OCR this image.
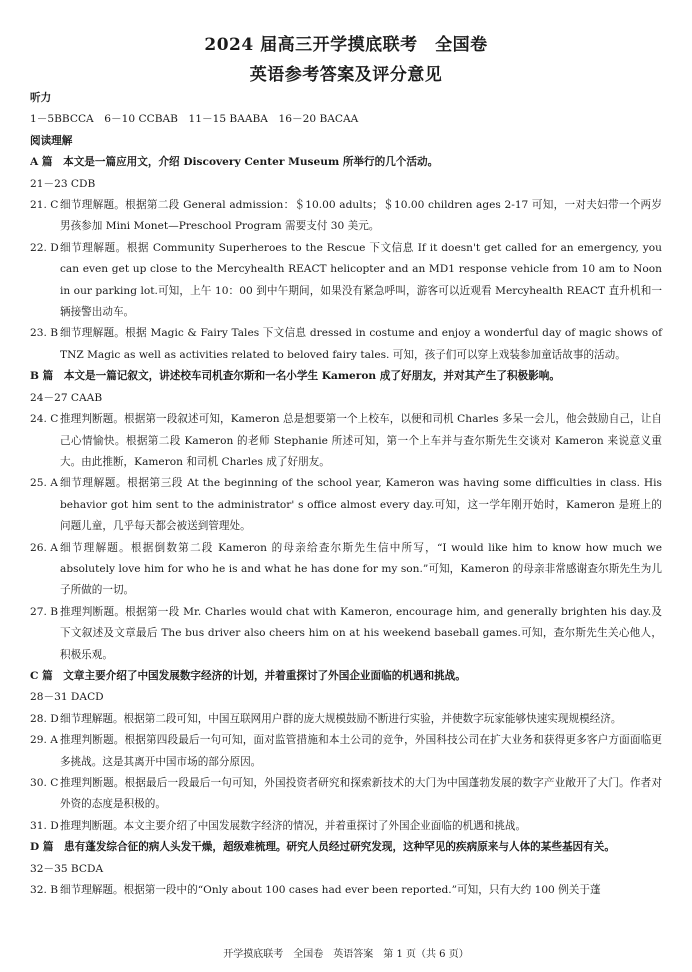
2024 届高三开学摸底联考　全国卷
英语参考答案及评分意见
听力
1－5BBCCA　6－10 CCBAB　11－15 BAABA　16－20 BACAA
阅读理解
A 篇　本文是一篇应用文，介绍 Discovery Center Museum 所举行的几个活动。
21－23 CDB
21. C 细节理解题。根据第二段 General admission：＄10.00 adults；＄10.00 children ages 2-17 可知，一对夫妇带一个两岁男孩参加 Mini Monet—Preschool Program 需要支付 30 美元。
22. D 细节理解题。根据 Community Superheroes to the Rescue 下文信息 If it doesn't get called for an emergency, you can even get up close to the Mercyhealth REACT helicopter and an MD1 response vehicle from 10 am to Noon in our parking lot.可知，上午 10：00 到中午期间，如果没有紧急呼叫，游客可以近观看 Mercyhealth REACT 直升机和一辆接警出动车。
23. B 细节理解题。根据 Magic & Fairy Tales 下文信息 dressed in costume and enjoy a wonderful day of magic shows of TNZ Magic as well as activities related to beloved fairy tales. 可知，孩子们可以穿上戏装参加童话故事的活动。
B 篇　本文是一篇记叙文，讲述校车司机查尔斯和一名小学生 Kameron 成了好朋友，并对其产生了积极影响。
24－27 CAAB
24. C 推理判断题。根据第一段叙述可知，Kameron 总是想要第一个上校车，以便和司机 Charles 多呆一会儿，他会鼓励自己，让自己心情愉快。根据第二段 Kameron 的老师 Stephanie 所述可知，第一个上车并与查尔斯先生交谈对 Kameron 来说意义重大。由此推断，Kameron 和司机 Charles 成了好朋友。
25. A 细节理解题。根据第三段 At the beginning of the school year, Kameron was having some difficulties in class. His behavior got him sent to the administrator' s office almost every day.可知，这一学年刚开始时，Kameron 是班上的问题儿童，几乎每天都会被送到管理处。
26. A 细节理解题。根据倒数第二段 Kameron 的母亲给查尔斯先生信中所写，“I would like him to know how much we absolutely love him for who he is and what he has done for my son.”可知，Kameron 的母亲非常感谢查尔斯先生为儿子所做的一切。
27. B 推理判断题。根据第一段 Mr. Charles would chat with Kameron, encourage him, and generally brighten his day.及下文叙述及文章最后 The bus driver also cheers him on at his weekend baseball games.可知，查尔斯先生关心他人，积极乐观。
C 篇　文章主要介绍了中国发展数字经济的计划，并着重探讨了外国企业面临的机遇和挑战。
28－31 DACD
28. D 细节理解题。根据第二段可知，中国互联网用户群的庞大规模鼓励不断进行实验，并使数字玩家能够快速实现规模经济。
29. A 推理判断题。根据第四段最后一句可知，面对监管措施和本土公司的竞争，外国科技公司在扩大业务和获得更多客户方面面临更多挑战。这是其离开中国市场的部分原因。
30. C 推理判断题。根据最后一段最后一句可知，外国投资者研究和探索新技术的大门为中国蓬勃发展的数字产业敞开了大门。作者对外资的态度是积极的。
31. D 推理判断题。本文主要介绍了中国发展数字经济的情况，并着重探讨了外国企业面临的机遇和挑战。
D 篇　患有蓬发综合征的病人头发干燥，超级难梳理。研究人员经过研究发现，这种罕见的疾病原来与人体的某些基因有关。
32－35 BCDA
32. B 细节理解题。根据第一段中的“Only about 100 cases had ever been reported.”可知，只有大约 100 例关于蓬
开学摸底联考　全国卷　英语答案　第 1 页（共 6 页）
